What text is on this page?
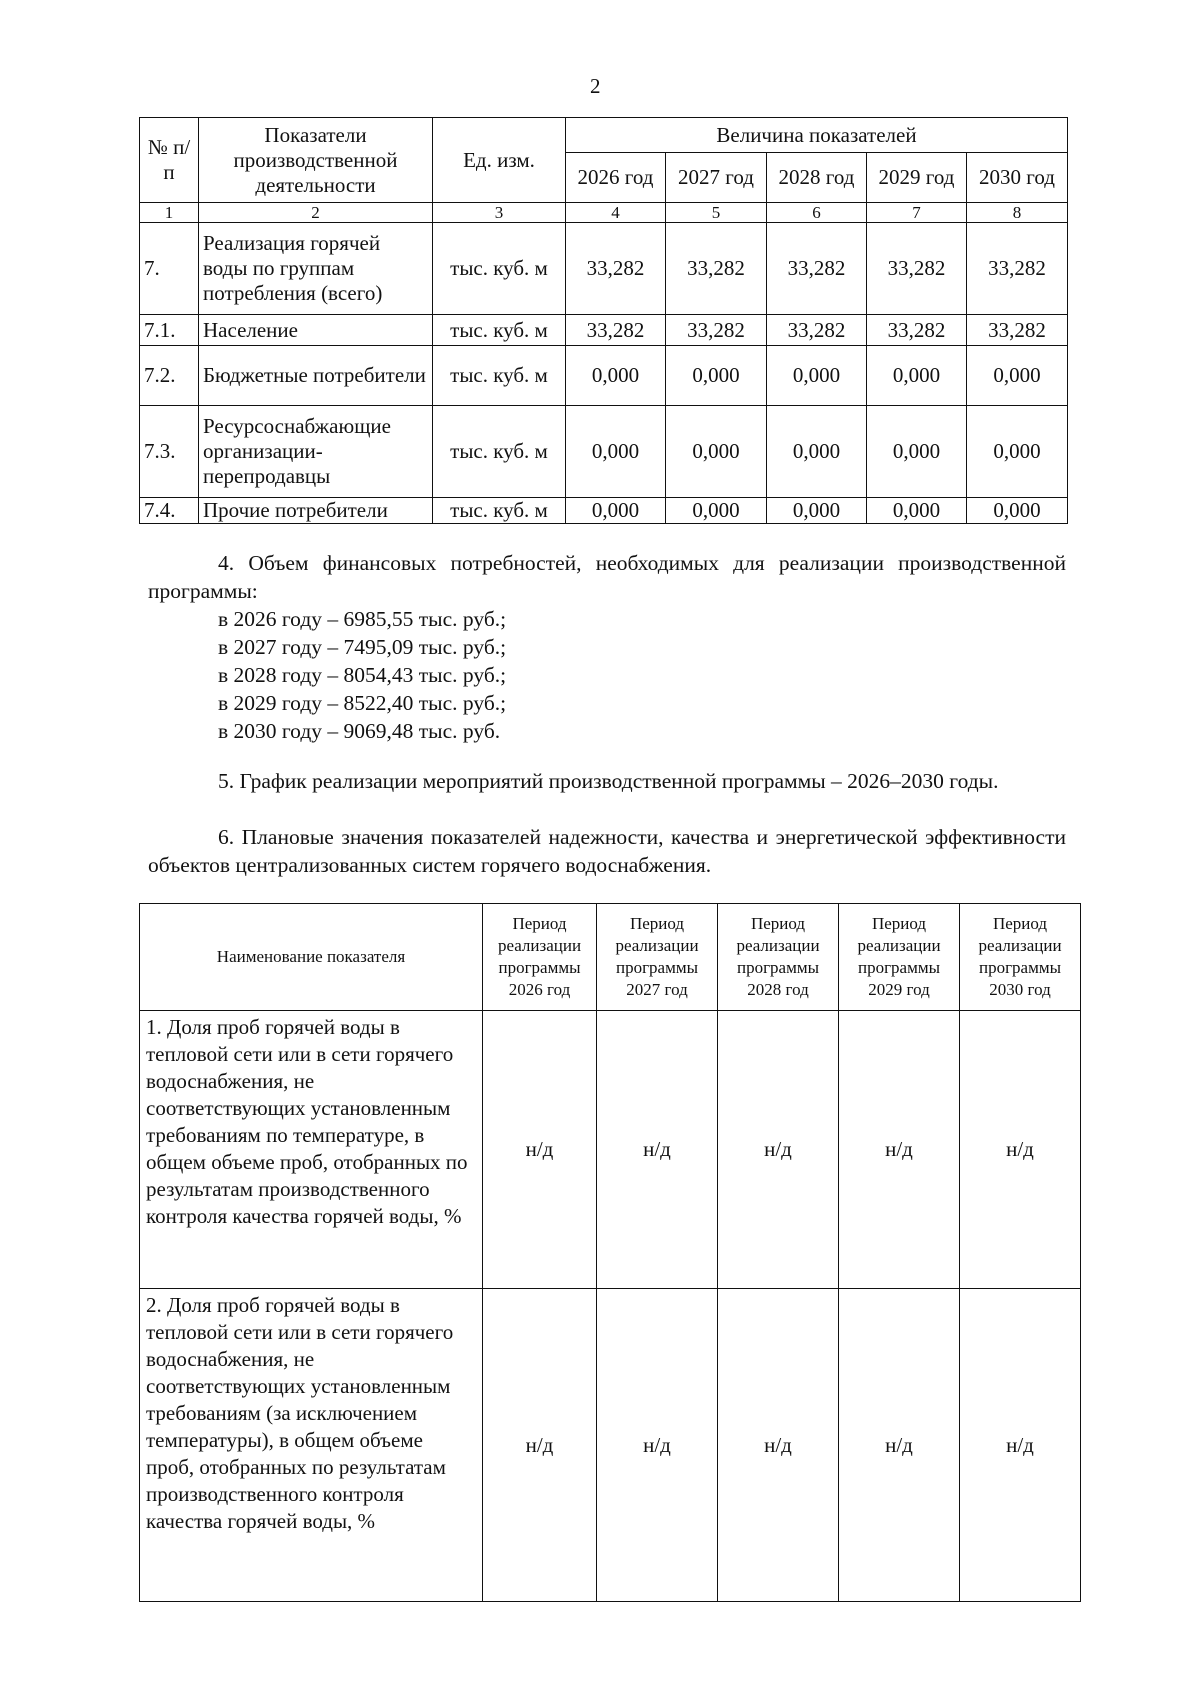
2
№ п/п	Показатели производственной деятельности	Ед. изм.	Величина показателей				
			2026 год	2027 год	2028 год	2029 год	2030 год
1	2	3	4	5	6	7	8
7.	Реализация горячей воды по группам потребления (всего)	тыс. куб. м	33,282	33,282	33,282	33,282	33,282
7.1.	Население	тыс. куб. м	33,282	33,282	33,282	33,282	33,282
7.2.	Бюджетные потребители	тыс. куб. м	0,000	0,000	0,000	0,000	0,000
7.3.	Ресурсоснабжающие организации-перепродавцы	тыс. куб. м	0,000	0,000	0,000	0,000	0,000
7.4.	Прочие потребители	тыс. куб. м	0,000	0,000	0,000	0,000	0,000
4. Объем финансовых потребностей, необходимых для реализации производственной программы:
в 2026 году – 6985,55 тыс. руб.;
в 2027 году – 7495,09 тыс. руб.;
в 2028 году – 8054,43 тыс. руб.;
в 2029 году – 8522,40 тыс. руб.;
в 2030 году – 9069,48 тыс. руб.
5. График реализации мероприятий производственной программы – 2026–2030 годы.
6. Плановые значения показателей надежности, качества и энергетической эффективности объектов централизованных систем горячего водоснабжения.
Наименование показателя	Период реализации программы 2026 год	Период реализации программы 2027 год	Период реализации программы 2028 год	Период реализации программы 2029 год	Период реализации программы 2030 год
1. Доля проб горячей воды в тепловой сети или в сети горячего водоснабжения, не соответствующих установленным требованиям по температуре, в общем объеме проб, отобранных по результатам производственного контроля качества горячей воды, %	н/д	н/д	н/д	н/д	н/д
2. Доля проб горячей воды в тепловой сети или в сети горячего водоснабжения, не соответствующих установленным требованиям (за исключением температуры), в общем объеме проб, отобранных по результатам производственного контроля качества горячей воды, %	н/д	н/д	н/д	н/д	н/д
